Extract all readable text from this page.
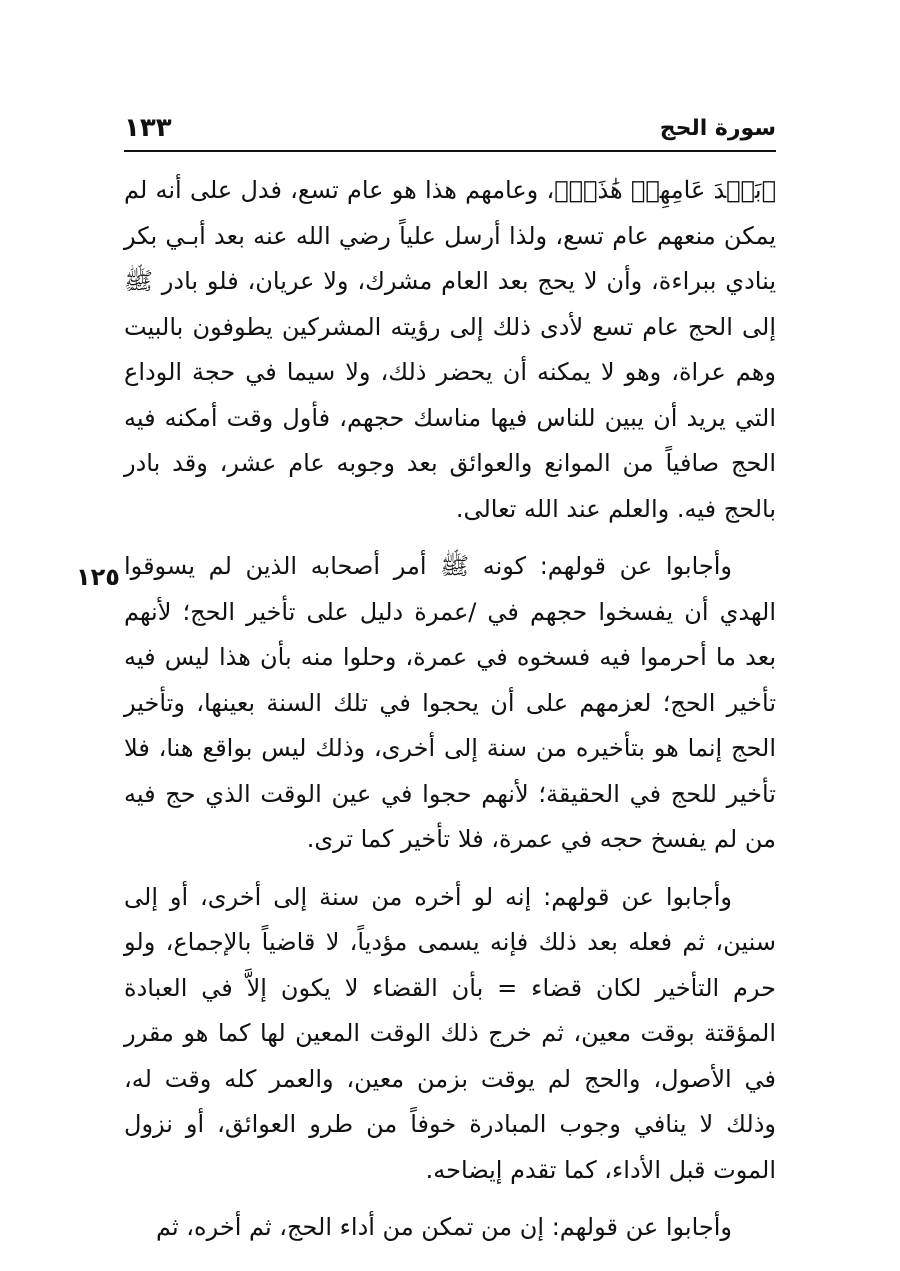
سورة الحج
١٣٣

﴿بَعۡدَ عَامِهِمۡ هَٰذَاۚ﴾، وعامهم هذا هو عام تسع، فدل على أنه لم يمكن منعهم عام تسع، ولذا أرسل علياً رضي الله عنه بعد أبـي بكر ينادي ببراءة، وأن لا يحج بعد العام مشرك، ولا عريان، فلو بادر ﷺ إلى الحج عام تسع لأدى ذلك إلى رؤيته المشركين يطوفون بالبيت وهم عراة، وهو لا يمكنه أن يحضر ذلك، ولا سيما في حجة الوداع التي يريد أن يبين للناس فيها مناسك حجهم، فأول وقت أمكنه فيه الحج صافياً من الموانع والعوائق بعد وجوبه عام عشر، وقد بادر بالحج فيه. والعلم عند الله تعالى.

وأجابوا عن قولهم: كونه ﷺ أمر أصحابه الذين لم يسوقوا الهدي أن يفسخوا حجهم في /عمرة دليل على تأخير الحج؛ لأنهم بعد ما أحرموا فيه فسخوه في عمرة، وحلوا منه بأن هذا ليس فيه تأخير الحج؛ لعزمهم على أن يحجوا في تلك السنة بعينها، وتأخير الحج إنما هو بتأخيره من سنة إلى أخرى، وذلك ليس بواقع هنا، فلا تأخير للحج في الحقيقة؛ لأنهم حجوا في عين الوقت الذي حج فيه من لم يفسخ حجه في عمرة، فلا تأخير كما ترى.

وأجابوا عن قولهم: إنه لو أخره من سنة إلى أخرى، أو إلى سنين، ثم فعله بعد ذلك فإنه يسمى مؤدياً، لا قاضياً بالإجماع، ولو حرم التأخير لكان قضاء = بأن القضاء لا يكون إلاَّ في العبادة المؤقتة بوقت معين، ثم خرج ذلك الوقت المعين لها كما هو مقرر في الأصول، والحج لم يوقت بزمن معين، والعمر كله وقت له، وذلك لا ينافي وجوب المبادرة خوفاً من طرو العوائق، أو نزول الموت قبل الأداء، كما تقدم إيضاحه.

وأجابوا عن قولهم: إن من تمكن من أداء الحج، ثم أخره، ثم

١٢٥
